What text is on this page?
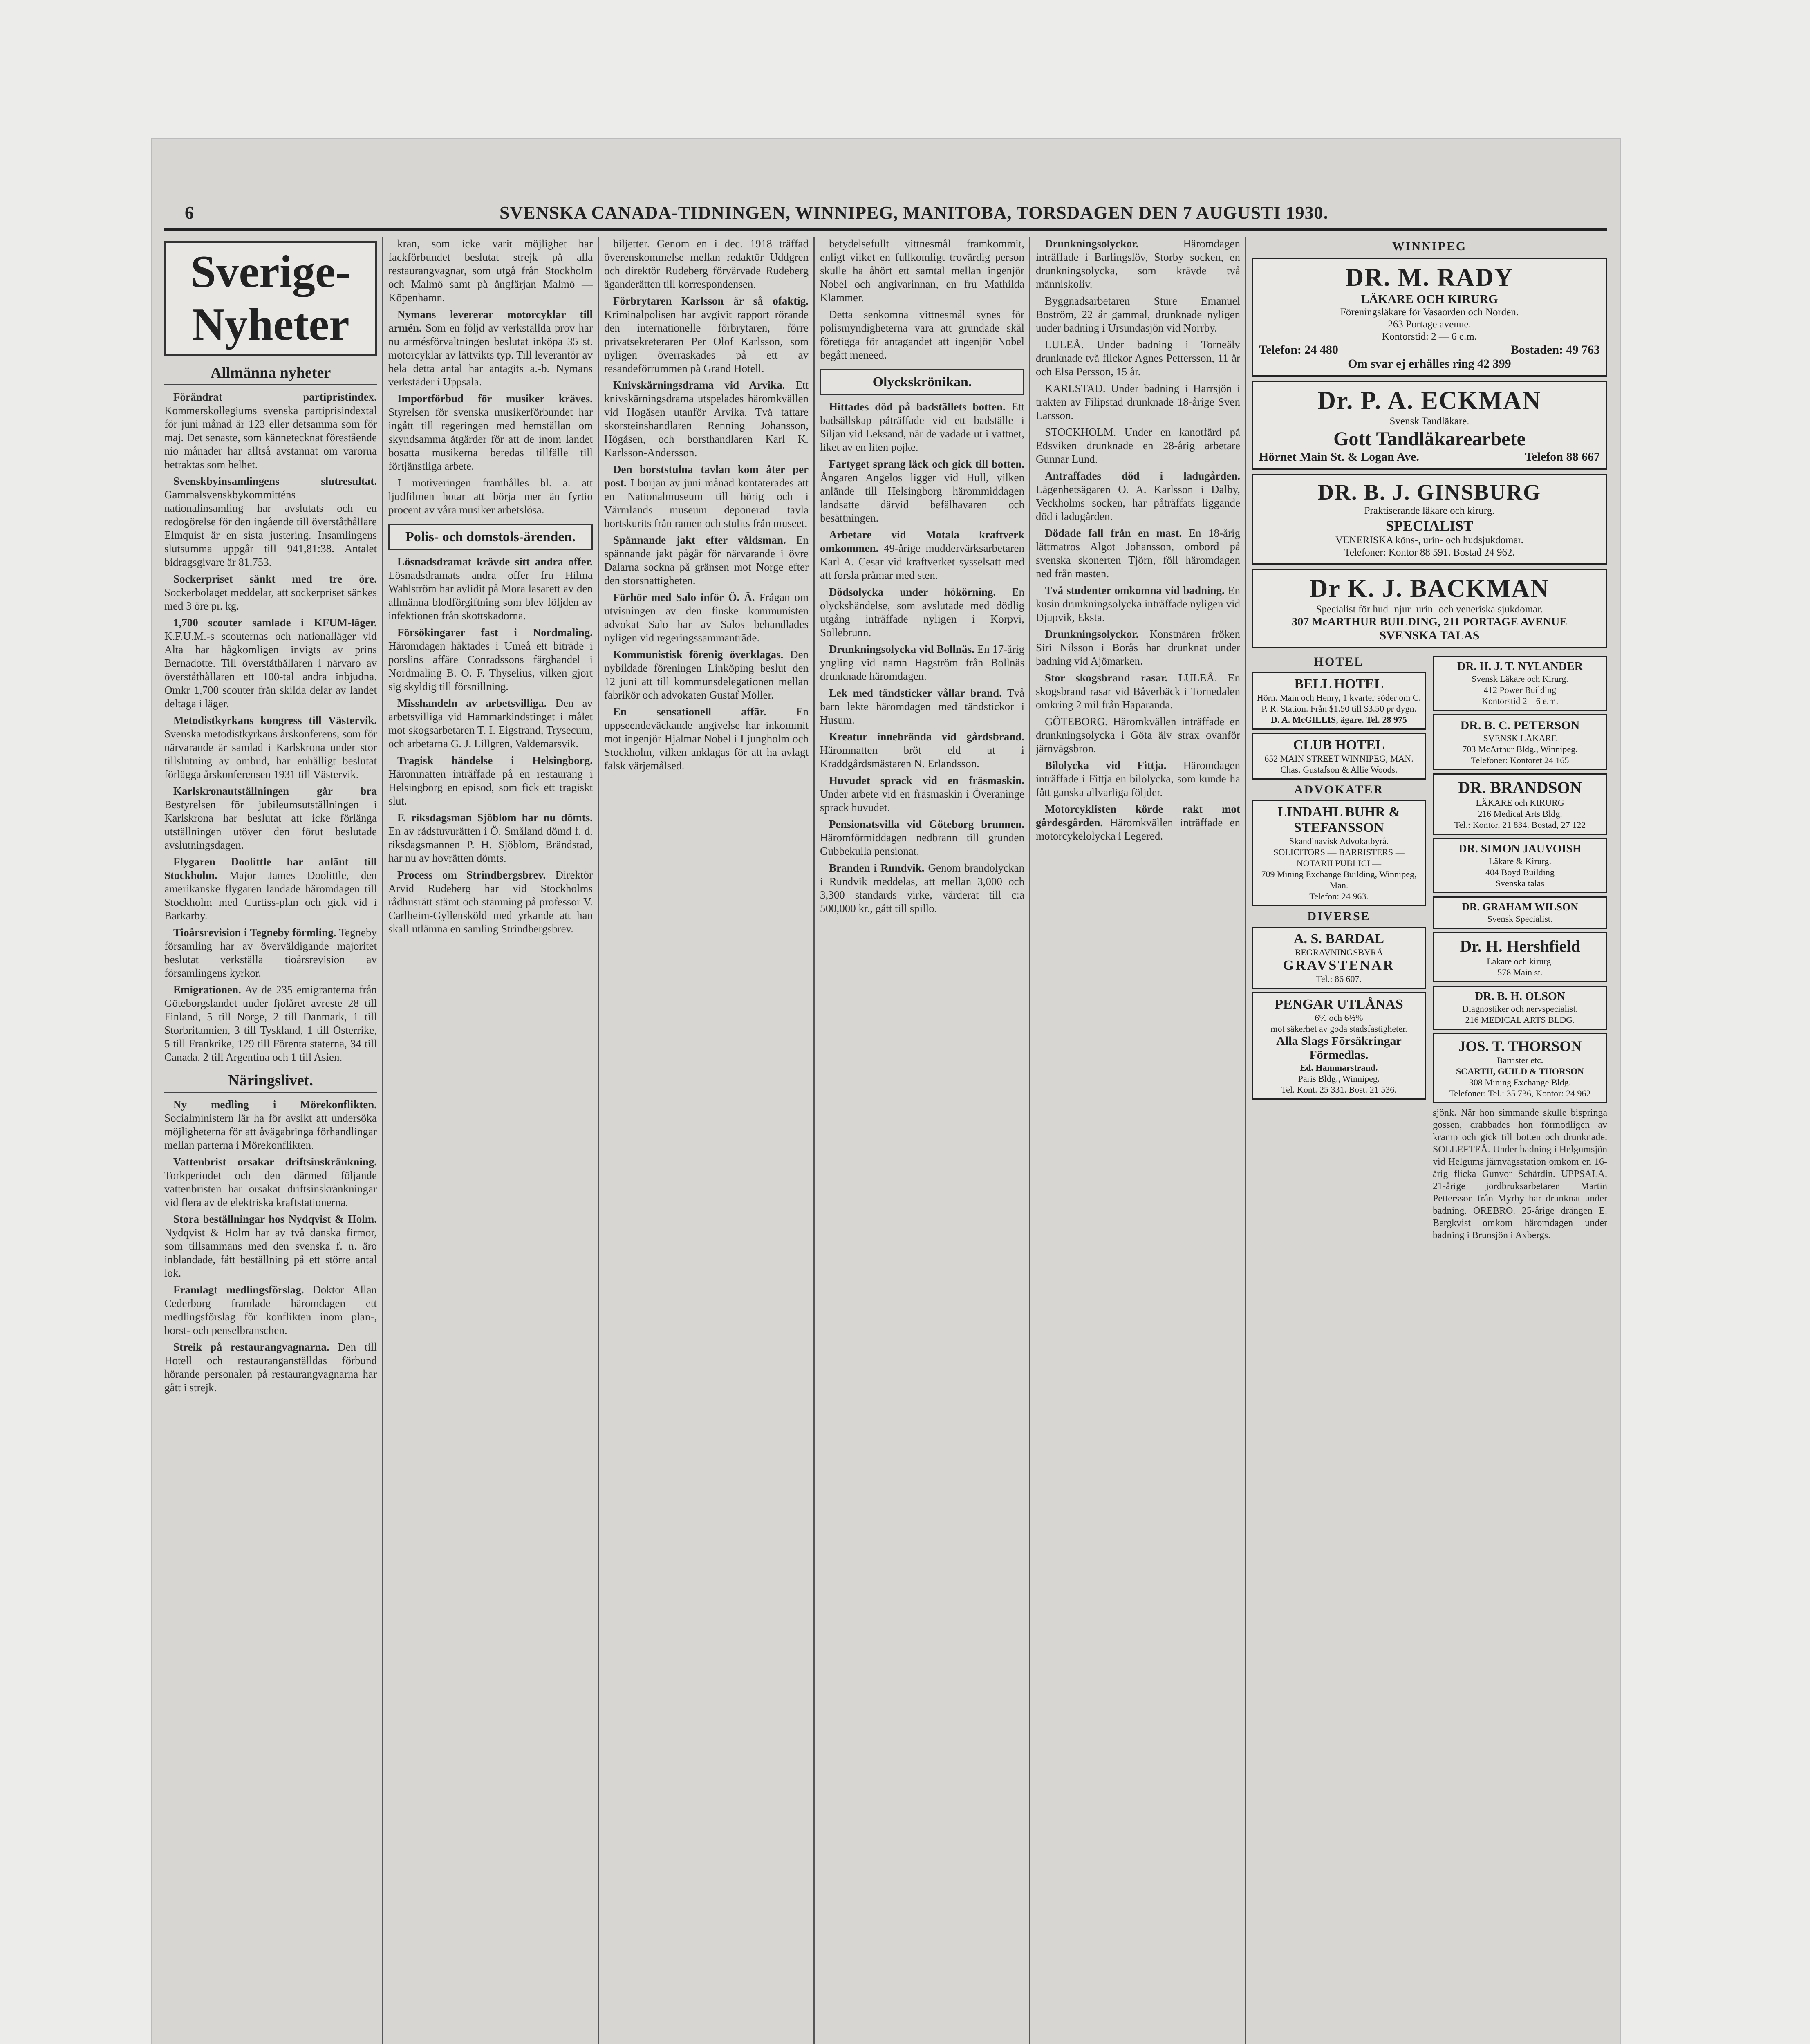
6	SVENSKA CANADA-TIDNINGEN, WINNIPEG, MANITOBA, TORSDAGEN DEN 7 AUGUSTI 1930.
Sverige-Nyheter
Allmänna nyheter

Förändrat partipristindex. Kommerskollegiums svenska partiprisindextal för juni månad är 123 eller detsamma som för maj. Det senaste, som kännetecknat förestående nio månader har alltså avstannat om varorna betraktas som helhet.

Svenskbyinsamlingens slutresultat. Gammalsvenskbykommitténs nationalinsamling har avslutats och en redogörelse för den ingående till överståthållare Elmquist är en sista justering. Insamlingens slutsumma uppgår till 941,81:38. Antalet bidragsgivare är 81,753.

Sockerpriset sänkt med tre öre. Sockerbolaget meddelar, att sockerpriset sänkes med 3 öre pr. kg.

1,700 scouter samlade i KFUM-läger. K.F.U.M.-s scouternas och nationalläger vid Alta har hågkomligen invigts av prins Bernadotte. Till överståthållaren i närvaro av överståthållaren ett 100-tal andra inbjudna. Omkr 1,700 scouter från skilda delar av landet deltaga i läger.

Metodistkyrkans kongress till Västervik. Svenska metodistkyrkans årskonferens, som för närvarande är samlad i Karlskrona under stor tillslutning av ombud, har enhälligt beslutat förlägga årskonferensen 1931 till Västervik.

Karlskronautställningen går bra Bestyrelsen för jubileumsutställningen i Karlskrona har beslutat att icke förlänga utställningen utöver den förut beslutade avslutningsdagen.

Flygaren Doolittle har anlänt till Stockholm. Major James Doolittle, den amerikanske flygaren landade häromdagen till Stockholm med Curtiss-plan och gick vid i Barkarby.

Tioårsrevision i Tegneby förmling. Tegneby församling har av överväldigande majoritet beslutat verkställa tioårsrevision av församlingens kyrkor.

Emigrationen. Av de 235 emigranterna från Göteborgslandet under fjolåret avreste 28 till Finland, 5 till Norge, 2 till Danmark, 1 till Storbritannien, 3 till Tyskland, 1 till Österrike, 5 till Frankrike, 129 till Förenta staterna, 34 till Canada, 2 till Argentina och 1 till Asien.

Näringslivet.

Ny medling i Mörekonflikten. Socialministern lär ha för avsikt att undersöka möjligheterna för att åvägabringa förhandlingar mellan parterna i Mörekonflikten.

Vattenbrist orsakar driftsinskränkning. Torkperiodet och den därmed följande vattenbristen har orsakat driftsinskränkningar vid flera av de elektriska kraftstationerna.

Stora beställningar hos Nydqvist & Holm. Nydqvist & Holm har av två danska firmor, som tillsammans med den svenska f. n. äro inblandade, fått beställning på ett större antal lok.

Framlagt medlingsförslag. Doktor Allan Cederborg framlade häromdagen ett medlingsförslag för konflikten inom plan-, borst- och penselbranschen.

Streik på restaurangvagnarna. Den till Hotell och restauranganställdas förbund hörande personalen på restaurangvagnarna har gått i strejk.

kran, som icke varit möjlighet har fackförbundet beslutat strejk på alla restaurangvagnar, som utgå från Stockholm och Malmö samt på ångfärjan Malmö — Köpenhamn.

Nymans levererar motorcyklar till armén. Som en följd av verkställda prov har nu armésförvaltningen beslutat inköpa 35 st. motorcyklar av lättvikts typ. Till leverantör av hela detta antal har antagits a.-b. Nymans verkstäder i Uppsala.

Importförbud för musiker kräves. Styrelsen för svenska musikerförbundet har ingått till regeringen med hemställan om skyndsamma åtgärder för att de inom landet bosatta musikerna beredas tillfälle till förtjänstliga arbete.

I motiveringen framhålles bl. a. att ljudfilmen hotar att börja mer än fyrtio procent av våra musiker arbetslösa.

Polis- och domstols-ärenden.

Lösnadsdramat krävde sitt andra offer. Lösnadsdramats andra offer fru Hilma Wahlström har avlidit på Mora lasarett av den allmänna blodförgiftning som blev följden av infektionen från skottskadorna.

Försökingarer fast i Nordmaling. Häromdagen häktades i Umeå ett biträde i porslins affäre Conradssons färghandel i Nordmaling B. O. F. Thyselius, vilken gjort sig skyldig till försnillning.

Misshandeln av arbetsvilliga. Den av arbetsvilliga vid Hammarkindstinget i målet mot skogsarbetaren T. I. Eigstrand, Trysecum, och arbetarna G. J. Lillgren, Valdemarsvik.

Tragisk händelse i Helsingborg. Häromnatten inträffade på en restaurang i Helsingborg en episod, som fick ett tragiskt slut.

F. riksdagsman Sjöblom har nu dömts. En av rådstuvurätten i Ö. Småland dömd f. d. riksdagsmannen P. H. Sjöblom, Brändstad, har nu av hovrätten dömts.

Process om Strindbergsbrev. Direktör Arvid Rudeberg har vid Stockholms rådhusrätt stämt och stämning på professor V. Carlheim-Gyllensköld med yrkande att han skall utlämna en samling Strindbergsbrev.

biljetter. Genom en i dec. 1918 träffad överenskommelse mellan redaktör Uddgren och direktör Rudeberg förvärvade Rudeberg äganderätten till korrespondensen.

Förbrytaren Karlsson är så ofaktig. Kriminalpolisen har avgivit rapport rörande den internationelle förbrytaren, förre privatsekreteraren Per Olof Karlsson, som nyligen överraskades på ett av resandeförrummen på Grand Hotell.

Knivskärningsdrama vid Arvika. Ett knivskärningsdrama utspelades häromkvällen vid Hogåsen utanför Arvika. Två tattare skorsteinshandlaren Renning Johansson, Högåsen, och borsthandlaren Karl K. Karlsson-Andersson.

Den borststulna tavlan kom åter per post. I början av juni månad kontaterades att en Nationalmuseum till hörig och i Värmlands museum deponerad tavla bortskurits från ramen och stulits från museet.

Spännande jakt efter våldsman. En spännande jakt pågår för närvarande i övre Dalarna sockna på gränsen mot Norge efter den storsnattigheten.

Förhör med Salo inför Ö. Ä. Frågan om utvisningen av den finske kommunisten advokat Salo har av Salos behandlades nyligen vid regeringssammanträde.

Kommunistisk förenig överklagas. Den nybildade föreningen Linköping beslut den 12 juni att till kommunsdelegationen mellan fabrikör och advokaten Gustaf Möller.

En sensationell affär.	En uppseendeväckande angivelse har inkommit mot ingenjör Hjalmar Nobel i Ljungholm och Stockholm, vilken anklagas för att ha avlagt falsk värjemålsed.

betydelsefullt vittnesmål framkommit, enligt vilket en fullkomligt trovärdig person skulle ha åhört ett samtal mellan ingenjör Nobel och angivarinnan, en fru Mathilda Klammer.

Detta senkomna vittnesmål synes för polismyndigheterna vara att grundade skäl företigga för antagandet att ingenjör Nobel begått meneed.

Olyckskrönikan.

Hittades död på badställets botten. Ett badsällskap påträffade vid ett badställe i Siljan vid Leksand, när de vadade ut i vattnet, liket av en liten pojke.

Fartyget sprang läck och gick till botten. Ångaren Angelos ligger vid Hull, vilken anlände till Helsingborg härommiddagen landsatte därvid befälhavaren och besättningen.

Arbetare vid Motala kraftverk omkommen. 49-årige muddervärksarbetaren Karl A. Cesar vid kraftverket sysselsatt med att forsla pråmar med sten.

Dödsolycka under hökörning. En olyckshändelse, som avslutade med dödlig utgång inträffade nyligen i Korpvi, Sollebrunn.

Drunkningsolycka vid Bollnäs. En 17-årig yngling vid namn Hagström från Bollnäs drunknade häromdagen.

Lek med tändsticker vållar brand. Två barn lekte häromdagen med tändstickor i Husum.

Kreatur innebrända vid gårdsbrand. Häromnatten bröt eld ut i Kraddgårdsmästaren N. Erlandsson.

Huvudet sprack vid en fräsmaskin. Under arbete vid en fräsmaskin i Överaninge sprack huvudet.

Pensionatsvilla vid Göteborg brunnen. Häromförmiddagen nedbrann till grunden Gubbekulla pensionat.

Branden i Rundvik. Genom brandolyckan i Rundvik meddelas, att mellan 3,000 och 3,300 standards virke, värderat till c:a 500,000 kr., gått till spillo.

Drunkningsolyckor.	Häromdagen inträffade i Barlingslöv, Storby socken, en drunkningsolycka, som krävde två människoliv.

Byggnadsarbetaren Sture Emanuel Boström, 22 år gammal, drunknade nyligen under badning i Ursundasjön vid Norrby.

LULEÅ. Under badning i Torneälv drunknade två flickor Agnes Pettersson, 11 år och Elsa Persson, 15 år.

KARLSTAD. Under badning i Harrsjön i trakten av Filipstad drunknade 18-årige Sven Larsson.

STOCKHOLM. Under en kanotfärd på Edsviken drunknade en 28-årig arbetare Gunnar Lund.

Antraffades död i ladugården. Lägenhetsägaren O. A. Karlsson i Dalby, Veckholms socken, har påträffats liggande död i ladugården.

Dödade fall från en mast. En 18-årig lättmatros Algot Johansson, ombord på svenska skonerten Tjörn, föll häromdagen ned från masten.

Två studenter omkomna vid badning. En kusin drunkningsolycka inträffade nyligen vid Djupvik, Eksta.

Drunkningsolyckor. Konstnären fröken Siri Nilsson i Borås har drunknat under badning vid Ajömarken.

Stor skogsbrand rasar. LULEÅ. En skogsbrand rasar vid Båverbäck i Tornedalen omkring 2 mil från Haparanda.

GÖTEBORG. Häromkvällen inträffade en drunkningsolycka i Göta älv strax ovanför järnvägsbron.

Bilolycka vid Fittja. Häromdagen inträffade i Fittja en bilolycka, som kunde ha fått ganska allvarliga följder.

Motorcyklisten körde rakt mot gårdesgården. Häromkvällen inträffade en motorcykelolycka i Legered.

WINNIPEG
DR. M. RADY
LÄKARE OCH KIRURG
Föreningsläkare för Vasaorden och Norden.
263 Portage avenue.
Kontorstid: 2 — 6 e.m.
Telefon: 24 480	Bostaden: 49 763
Om svar ej erhålles ring 42 399
Dr. P. A. ECKMAN
Svensk Tandläkare.
Gott Tandläkarearbete
Hörnet Main St. & Logan Ave.	Telefon 88 667
DR. B. J. GINSBURG
Praktiserande läkare och kirurg.
SPECIALIST
VENERISKA köns-, urin- och hudsjukdomar.
Telefoner: Kontor 88 591. Bostad 24 962.
Dr K. J. BACKMAN
Specialist för hud- njur- urin- och veneriska sjukdomar.
307 McARTHUR BUILDING, 211 PORTAGE AVENUE
SVENSKA TALAS
HOTEL
BELL HOTEL
Hörn. Main och Henry, 1 kvarter söder om C. P. R. Station. Från $1.50 till $3.50 pr dygn.
D. A. McGILLIS, ägare. Tel. 28 975
CLUB HOTEL
652 MAIN STREET WINNIPEG, MAN.
Chas. Gustafson & Allie Woods.
ADVOKATER
LINDAHL BUHR & STEFANSSON
Skandinavisk Advokatbyrå.
SOLICITORS — BARRISTERS — NOTARII PUBLICI —
709 Mining Exchange Building, Winnipeg, Man.
Telefon: 24 963.
DIVERSE
A. S. BARDAL
BEGRAVNINGSBYRÅ
GRAVSTENAR
Tel.: 86 607.
PENGAR UTLÅNAS
6% och 6½%
mot säkerhet av goda stadsfastigheter.
Alla Slags Försäkringar Förmedlas.
Ed. Hammarstrand.
Paris Bldg., Winnipeg.
Tel. Kont. 25 331. Bost. 21 536.
DR. H. J. T. NYLANDER
Svensk Läkare och Kirurg.
412 Power Building
Kontorstid 2—6 e.m.
DR. B. C. PETERSON
SVENSK LÄKARE
703 McArthur Bldg., Winnipeg.
Telefoner: Kontoret 24 165
DR. BRANDSON
LÄKARE och KIRURG
216 Medical Arts Bldg.
Tel.: Kontor, 21 834. Bostad, 27 122
DR. SIMON JAUVOISH
Läkare & Kirurg.
404 Boyd Building
Svenska talas
DR. GRAHAM WILSON
Svensk Specialist.
Dr. H. Hershfield
Läkare och kirurg.
578 Main st.
DR. B. H. OLSON
Diagnostiker och nervspecialist.
216 MEDICAL ARTS BLDG.
JOS. T. THORSON
Barrister etc.
SCARTH, GUILD & THORSON
308 Mining Exchange Bldg.
Telefoner: Tel.: 35 736, Kontor: 24 962
sjönk. När hon simmande skulle bispringa gossen, drabbades hon förmodligen av kramp och gick till botten och drunknade. SOLLEFTEÅ. Under badning i Helgumsjön vid Helgums järnvägsstation omkom en 16-årig flicka Gunvor Schärdin. UPPSALA. 21-årige jordbruksarbetaren Martin Pettersson från Myrby har drunknat under badning. ÖREBRO. 25-årige drängen E. Bergkvist omkom häromdagen under badning i Brunsjön i Axbergs.
